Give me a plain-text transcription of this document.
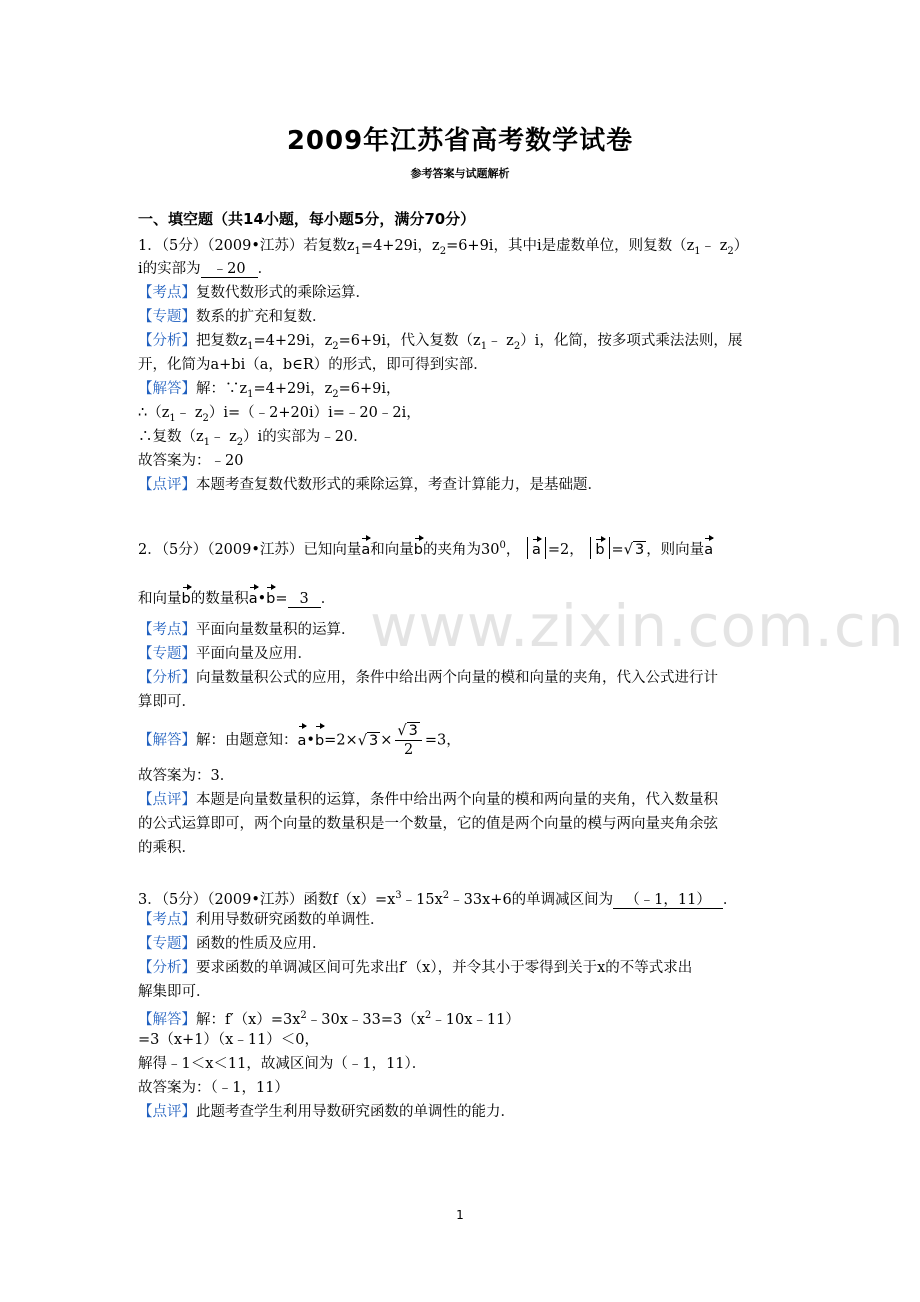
2009年江苏省高考数学试卷
参考答案与试题解析
一、填空题（共14小题，每小题5分，满分70分）
1．（5分）（2009•江苏）若复数$z_1=4+29i$，$z_2=6+9i$，其中i是虚数单位，则复数（$z_1﹣$ $z_2$）
i的实部为 ﹣20 ．
【考点】复数代数形式的乘除运算．
【专题】数系的扩充和复数．
【分析】把复数$z_1=4+29i$，$z_2=6+9i$，代入复数（$z_1﹣$ $z_2)i$，化简，按多项式乘法法则，展
开，化简为a+bi（a，b∈R）的形式，即可得到实部．
【解答】解：$\because z_1=4+29i$，$z_2=6+9i$，
$\therefore(z_1﹣$ $z_2)i=(﹣2+20i)i=﹣20﹣2i$，
∴复数（$z_1﹣$ $z_2)i$的实部为﹣20．
故答案为：﹣20
【点评】本题考查复数代数形式的乘除运算，考查计算能力，是基础题．
2．（5分）（2009•江苏）已知向量a和向量b的夹角为$30^0$， a =2， b =√ 3 ，则向量a
和向量b的数量积a•b= 3 ．
【考点】平面向量数量积的运算．
【专题】平面向量及应用．
【分析】向量数量积公式的应用，条件中给出两个向量的模和向量的夹角，代入公式进行计
算即可．
【解答】解：由题意知：a•b=2×√ $3 \times \frac{√ 3}{2} =3$，
故答案为：3．
【点评】本题是向量数量积的运算，条件中给出两个向量的模和两向量的夹角，代入数量积
的公式运算即可，两个向量的数量积是一个数量，它的值是两个向量的模与两向量夹角余弦
的乘积．
3．（5分）（2009•江苏）函数$f(x)=x^3﹣15x^2﹣33x+6$的单调减区间为 （﹣1，11） ．
【考点】利用导数研究函数的单调性．
【专题】函数的性质及应用．
【分析】要求函数的单调减区间可先求出f′（x），并令其小于零得到关于x的不等式求出
解集即可．
【解答】解：$f'(x)=3x^2﹣30x﹣33=3(x^2﹣10x﹣11)$
=3（x+1）（x﹣11）＜0，
解得﹣1＜x＜11，故减区间为（﹣1，11）．
故答案为：（﹣1，11）
【点评】此题考查学生利用导数研究函数的单调性的能力．
www.zixin.com.cn
1
